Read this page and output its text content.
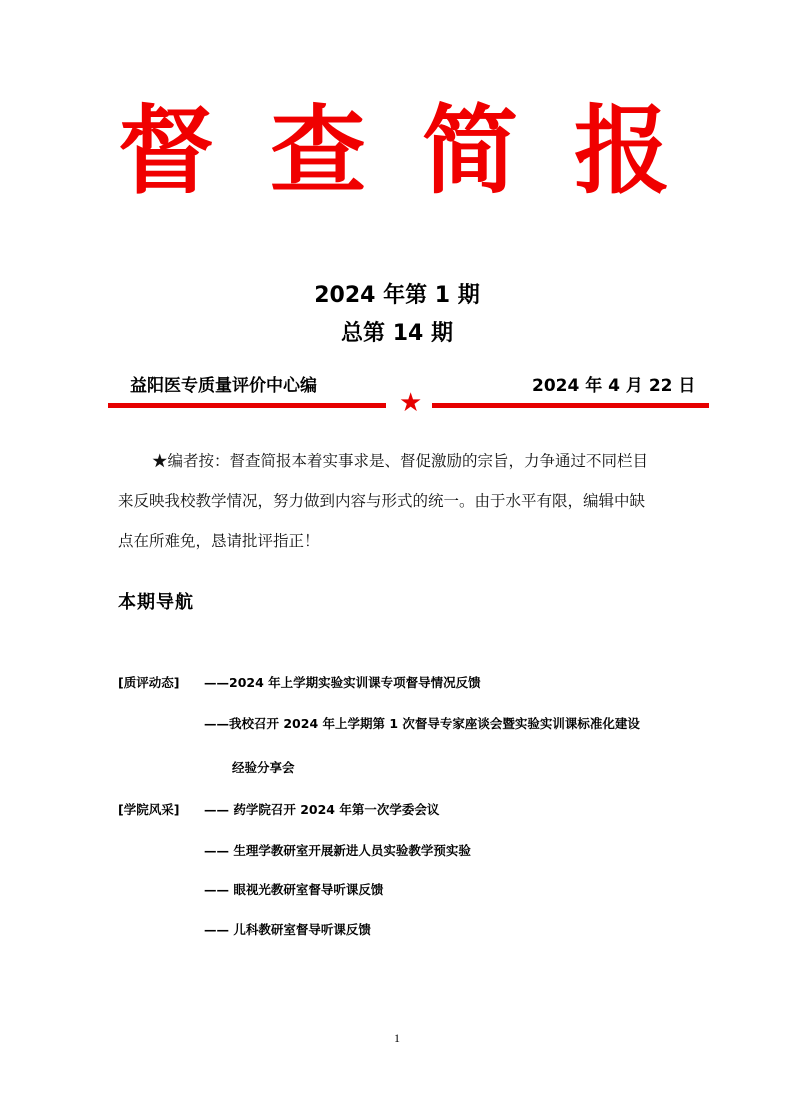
督 查 简 报
2024 年第 1 期
总第 14 期
益阳医专质量评价中心编	2024 年 4 月 22 日
★
★编者按：督查简报本着实事求是、督促激励的宗旨，力争通过不同栏目
来反映我校教学情况，努力做到内容与形式的统一。由于水平有限，编辑中缺
点在所难免，恳请批评指正！
本期导航
[质评动态] ——2024 年上学期实验实训课专项督导情况反馈
——我校召开 2024 年上学期第 1 次督导专家座谈会暨实验实训课标准化建设
经验分享会
[学院风采] —— 药学院召开 2024 年第一次学委会议
—— 生理学教研室开展新进人员实验教学预实验
—— 眼视光教研室督导听课反馈
—— 儿科教研室督导听课反馈
1
